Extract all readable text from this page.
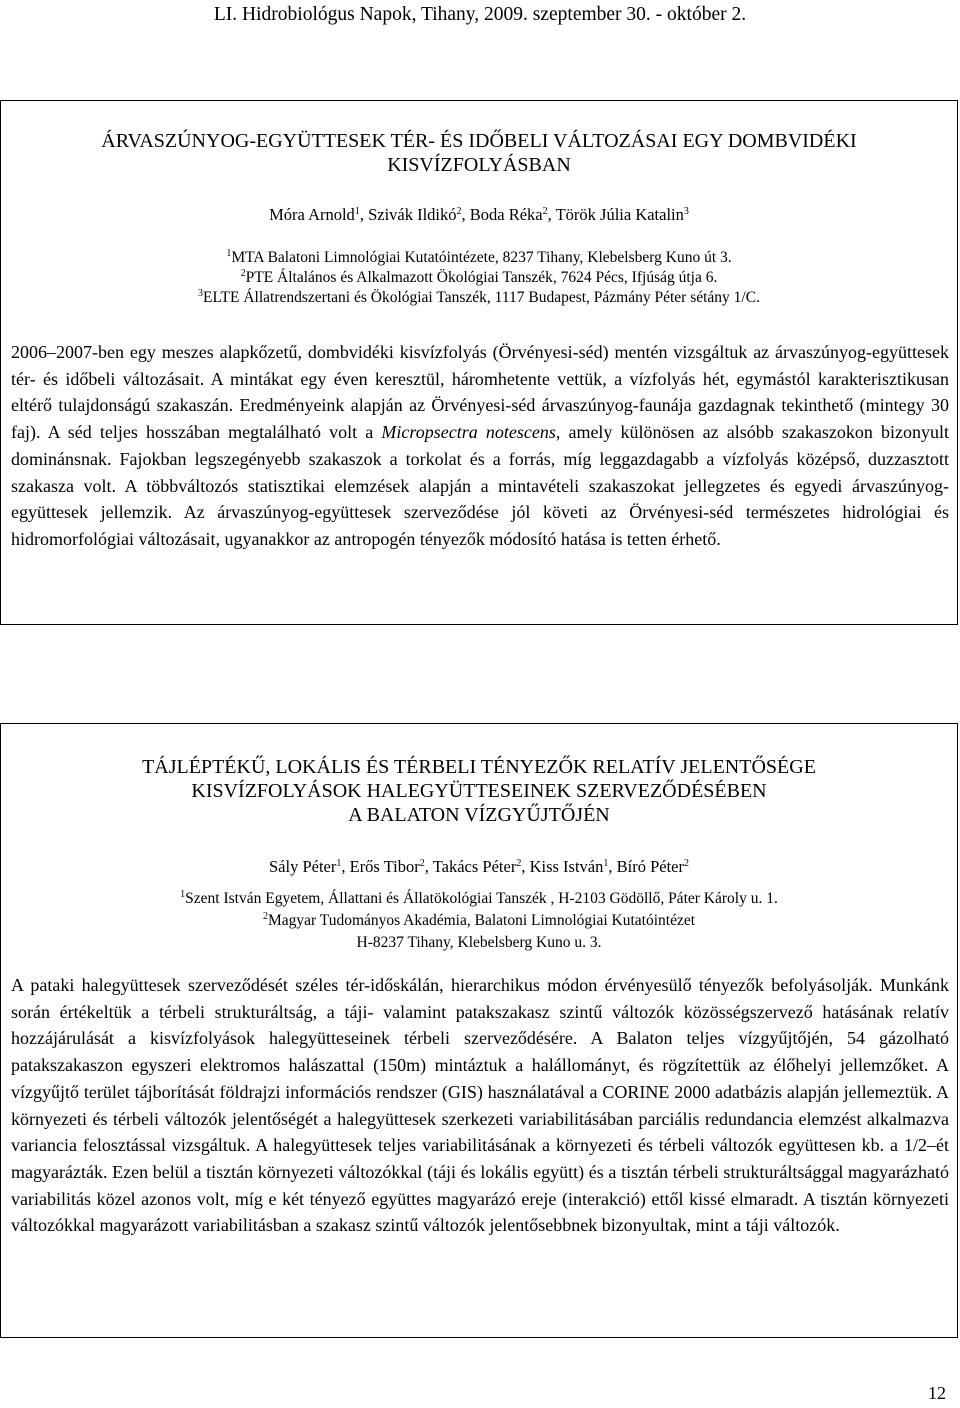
LI. Hidrobiológus Napok, Tihany, 2009. szeptember 30. - október 2.
ÁRVASZÚNYOG-EGYÜTTESEK TÉR- ÉS IDŐBELI VÁLTOZÁSAI EGY DOMBVIDÉKI
KISVÍZFOLYÁSBAN
Móra Arnold$^1$, Szivák Ildikó$^2$, Boda Réka$^2$, Török Júlia Katalin$^3$
$^1$MTA Balatoni Limnológiai Kutatóintézete, 8237 Tihany, Klebelsberg Kuno út 3.
$^2$PTE Általános és Alkalmazott Ökológiai Tanszék, 7624 Pécs, Ifjúság útja 6.
$^3$ELTE Állatrendszertani és Ökológiai Tanszék, 1117 Budapest, Pázmány Péter sétány 1/C.

2006–2007-ben egy meszes alapkőzetű, dombvidéki kisvízfolyás (Örvényesi-séd) mentén vizsgáltuk az árvaszúnyog-együttesek tér- és időbeli változásait. A mintákat egy éven keresztül, háromhetente vettük, a vízfolyás hét, egymástól karakterisztikusan eltérő tulajdonságú szakaszán. Eredményeink alapján az Örvényesi-séd árvaszúnyog-faunája gazdagnak tekinthető (mintegy 30 faj). A séd teljes hosszában megtalálható volt a Micropsectra notescens, amely különösen az alsóbb szakaszokon bizonyult dominánsnak. Fajokban legszegényebb szakaszok a torkolat és a forrás, míg leggazdagabb a vízfolyás középső, duzzasztott szakasza volt. A többváltozós statisztikai elemzések alapján a mintavételi szakaszokat jellegzetes és egyedi árvaszúnyog-együttesek jellemzik. Az árvaszúnyog-együttesek szerveződése jól követi az Örvényesi-séd természetes hidrológiai és hidromorfológiai változásait, ugyanakkor az antropogén tényezők módosító hatása is tetten érhető.

TÁJLÉPTÉKŰ, LOKÁLIS ÉS TÉRBELI TÉNYEZŐK RELATÍV JELENTŐSÉGE
KISVÍZFOLYÁSOK HALEGYÜTTESEINEK SZERVEZŐDÉSÉBEN
A BALATON VÍZGYŰJTŐJÉN
Sály Péter$^1$, Erős Tibor$^2$, Takács Péter$^2$, Kiss István$^1$, Bíró Péter$^2$
$^1$Szent István Egyetem, Állattani és Állatökológiai Tanszék , H-2103 Gödöllő, Páter Károly u. 1.
$^2$Magyar Tudományos Akadémia, Balatoni Limnológiai Kutatóintézet
H-8237 Tihany, Klebelsberg Kuno u. 3.

A pataki halegyüttesek szerveződését széles tér-időskálán, hierarchikus módon érvényesülő tényezők befolyásolják. Munkánk során értékeltük a térbeli strukturáltság, a táji- valamint patakszakasz szintű változók közösségszervező hatásának relatív hozzájárulását a kisvízfolyások halegyütteseinek térbeli szerveződésére. A Balaton teljes vízgyűjtőjén, 54 gázolható patakszakaszon egyszeri elektromos halászattal (150m) mintáztuk a halállományt, és rögzítettük az élőhelyi jellemzőket. A vízgyűjtő terület tájborítását földrajzi információs rendszer (GIS) használatával a CORINE 2000 adatbázis alapján jellemeztük. A környezeti és térbeli változók jelentőségét a halegyüttesek szerkezeti variabilitásában parciális redundancia elemzést alkalmazva variancia felosztással vizsgáltuk. A halegyüttesek teljes variabilitásának a környezeti és térbeli változók együttesen kb. a 1/2–ét magyarázták. Ezen belül a tisztán környezeti változókkal (táji és lokális együtt) és a tisztán térbeli strukturáltsággal magyarázható variabilitás közel azonos volt, míg e két tényező együttes magyarázó ereje (interakció) ettől kissé elmaradt. A tisztán környezeti változókkal magyarázott variabilitásban a szakasz szintű változók jelentősebbnek bizonyultak, mint a táji változók.

12
